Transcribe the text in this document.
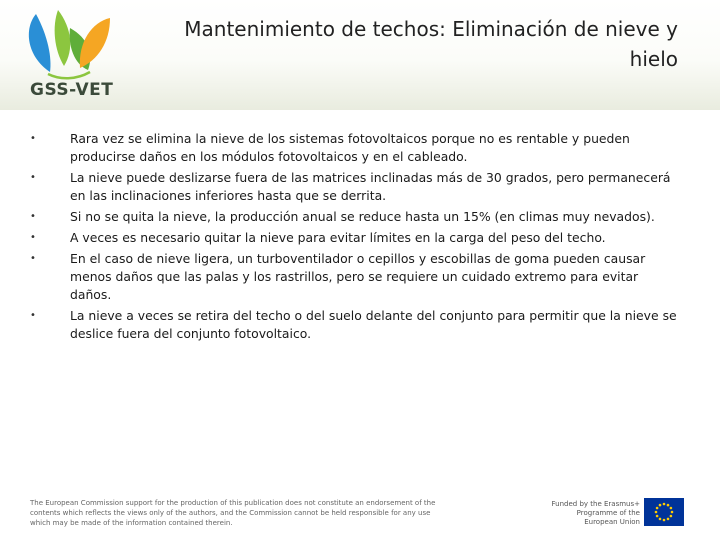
GSS-VET
Mantenimiento de techos: Eliminación de nieve y hielo
•	Rara vez se elimina la nieve de los sistemas fotovoltaicos porque no es rentable y pueden producirse daños en los módulos fotovoltaicos y en el cableado.
•	La nieve puede deslizarse fuera de las matrices inclinadas más de 30 grados, pero permanecerá en las inclinaciones inferiores hasta que se derrita.
•	Si no se quita la nieve, la producción anual se reduce hasta un 15% (en climas muy nevados).
•	A veces es necesario quitar la nieve para evitar límites en la carga del peso del techo.
•	En el caso de nieve ligera, un turboventilador o cepillos y escobillas de goma pueden causar menos daños que las palas y los rastrillos, pero se requiere un cuidado extremo para evitar daños.
•	La nieve a veces se retira del techo o del suelo delante del conjunto para permitir que la nieve se deslice fuera del conjunto fotovoltaico.
The European Commission support for the production of this publication does not constitute an endorsement of the contents which reflects the views only of the authors, and the Commission cannot be held responsible for any use which may be made of the information contained therein.
Funded by the Erasmus+ Programme of the European Union
